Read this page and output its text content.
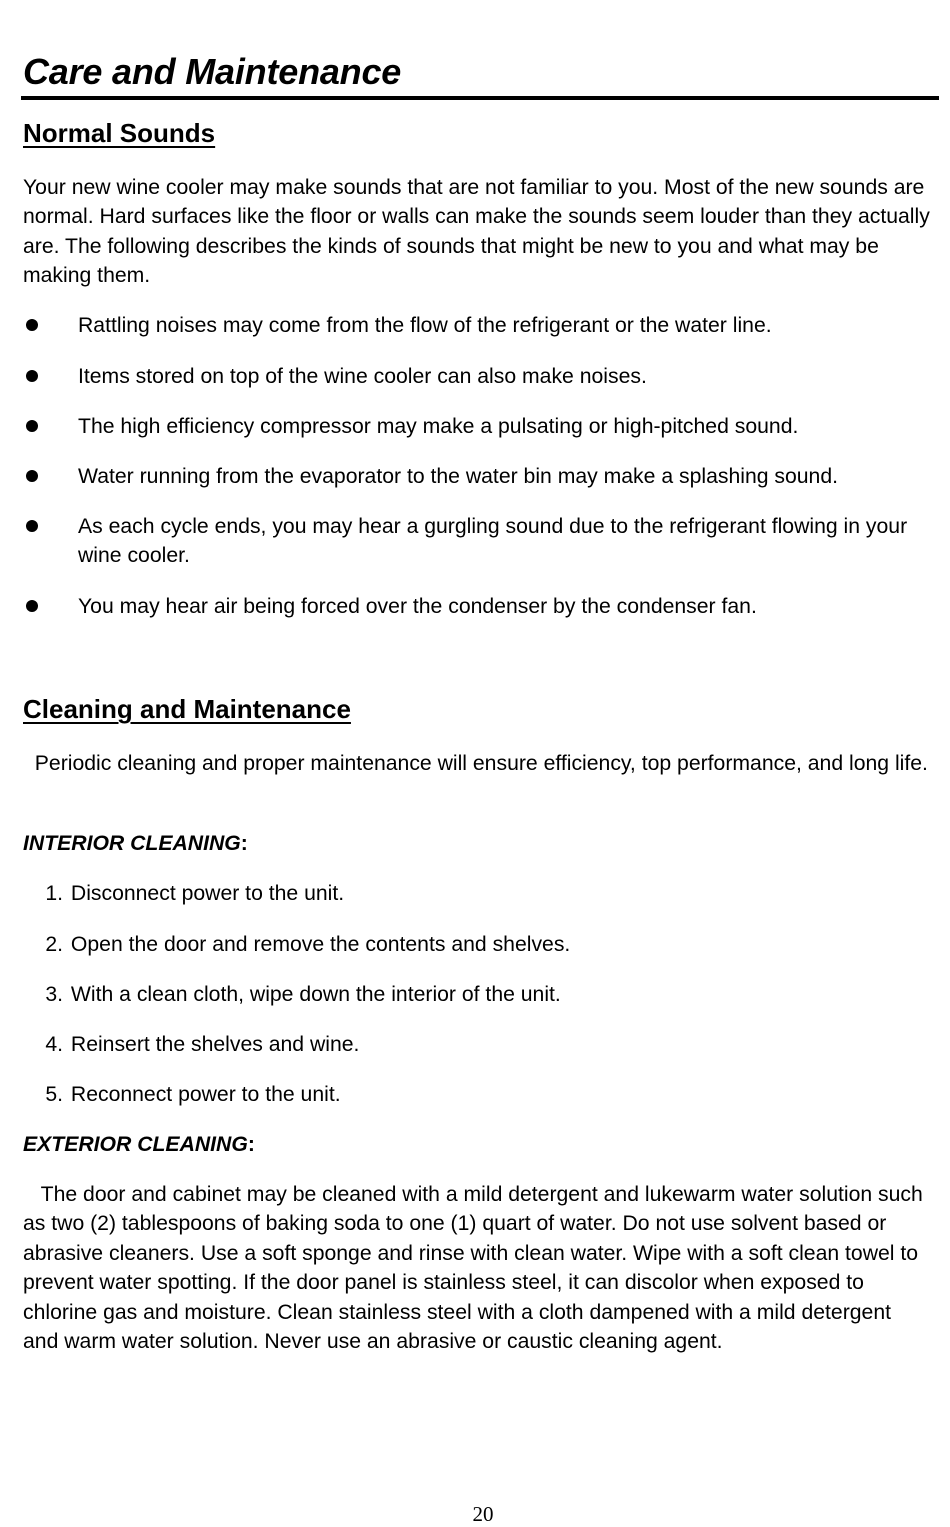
Care and Maintenance
Normal Sounds

Your new wine cooler may make sounds that are not familiar to you. Most of the new sounds are normal. Hard surfaces like the floor or walls can make the sounds seem louder than they actually are. The following describes the kinds of sounds that might be new to you and what may be making them.

Rattling noises may come from the flow of the refrigerant or the water line.
Items stored on top of the wine cooler can also make noises.
The high efficiency compressor may make a pulsating or high-pitched sound.
Water running from the evaporator to the water bin may make a splashing sound.
As each cycle ends, you may hear a gurgling sound due to the refrigerant flowing in your wine cooler.
You may hear air being forced over the condenser by the condenser fan.
Cleaning and Maintenance

Periodic cleaning and proper maintenance will ensure efficiency, top performance, and long life.

INTERIOR CLEANING:
1. Disconnect power to the unit.
2. Open the door and remove the contents and shelves.
3. With a clean cloth, wipe down the interior of the unit.
4. Reinsert the shelves and wine.
5. Reconnect power to the unit.
EXTERIOR CLEANING:

The door and cabinet may be cleaned with a mild detergent and lukewarm water solution such as two (2) tablespoons of baking soda to one (1) quart of water. Do not use solvent based or abrasive cleaners. Use a soft sponge and rinse with clean water. Wipe with a soft clean towel to prevent water spotting. If the door panel is stainless steel, it can discolor when exposed to chlorine gas and moisture. Clean stainless steel with a cloth dampened with a mild detergent and warm water solution. Never use an abrasive or caustic cleaning agent.

20
